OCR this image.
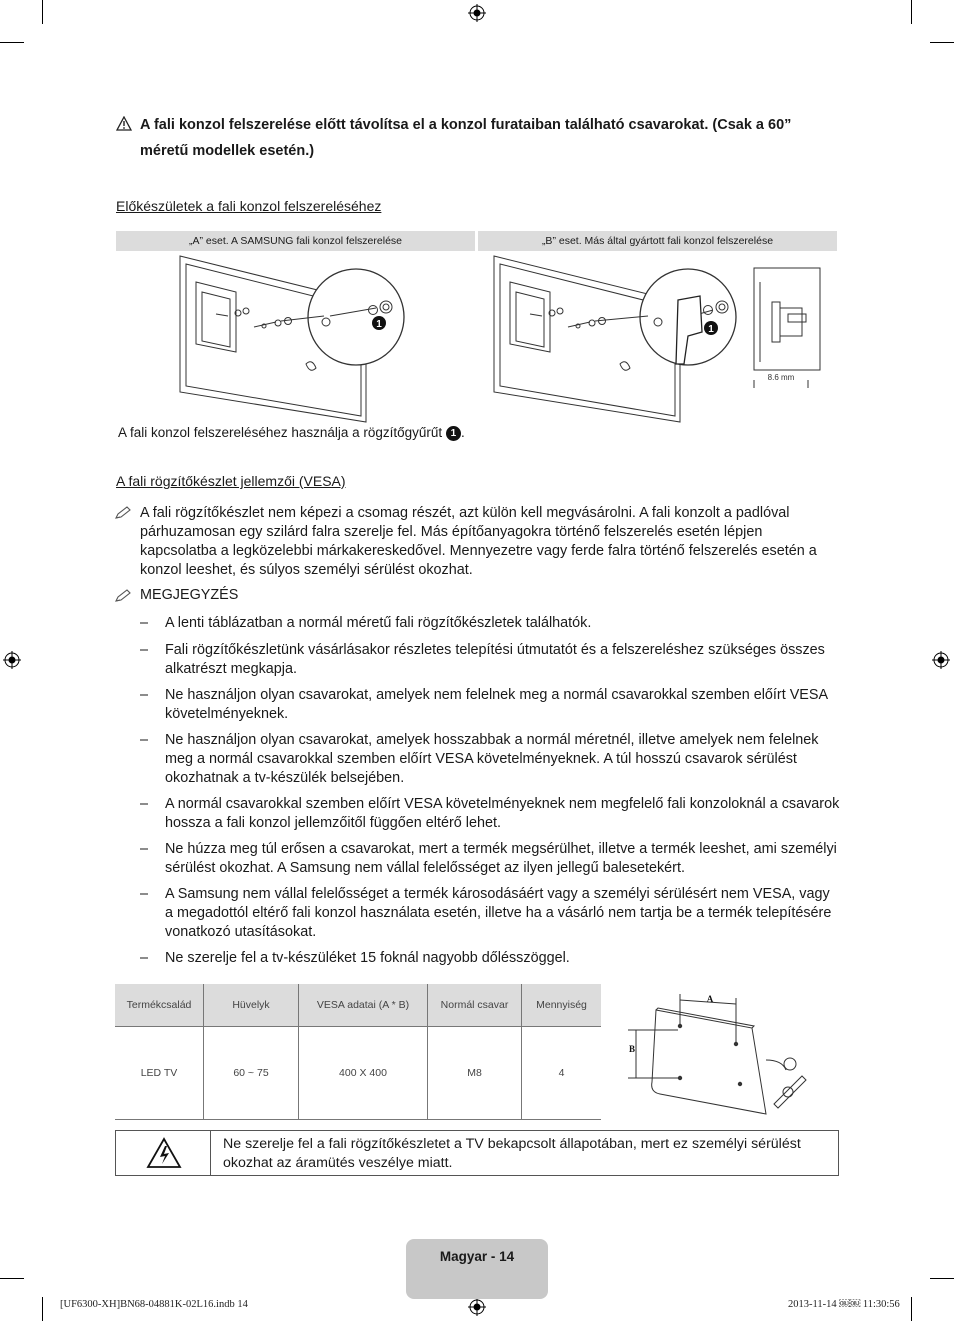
A fali konzol felszerelése előtt távolítsa el a konzol furataiban található csavarokat. (Csak a 60”

méretű modellek esetén.)

Előkészületek a fali konzol felszereléséhez
„A” eset. A SAMSUNG fali konzol felszerelése	„B” eset. Más által gyártott fali konzol felszerelése
1	1
8.6 mm
A fali konzol felszereléséhez használja a rögzítőgyűrűt 1 .
A fali rögzítőkészlet jellemzői (VESA)
A fali rögzítőkészlet nem képezi a csomag részét, azt külön kell megvásárolni. A fali konzolt a padlóval párhuzamosan egy szilárd falra szerelje fel. Más építőanyagokra történő felszerelés esetén lépjen kapcsolatba a legközelebbi márkakereskedővel. Mennyezetre vagy ferde falra történő felszerelés esetén a konzol leeshet, és súlyos személyi sérülést okozhat.
MEGJEGYZÉS
– A lenti táblázatban a normál méretű fali rögzítőkészletek találhatók.
– Fali rögzítőkészletünk vásárlásakor részletes telepítési útmutatót és a felszereléshez szükséges összes alkatrészt megkapja.
– Ne használjon olyan csavarokat, amelyek nem felelnek meg a normál csavarokkal szemben előírt VESA követelményeknek.
– Ne használjon olyan csavarokat, amelyek hosszabbak a normál méretnél, illetve amelyek nem felelnek meg a normál csavarokkal szemben előírt VESA követelményeknek. A túl hosszú csavarok sérülést okozhatnak a tv-készülék belsejében.
– A normál csavarokkal szemben előírt VESA követelményeknek nem megfelelő fali konzoloknál a csavarok hossza a fali konzol jellemzőitől függően eltérő lehet.
– Ne húzza meg túl erősen a csavarokat, mert a termék megsérülhet, illetve a termék leeshet, ami személyi sérülést okozhat. A Samsung nem vállal felelősséget az ilyen jellegű balesetekért.
– A Samsung nem vállal felelősséget a termék károsodásáért vagy a személyi sérülésért nem VESA, vagy a megadottól eltérő fali konzol használata esetén, illetve ha a vásárló nem tartja be a termék telepítésére vonatkozó utasításokat.
– Ne szerelje fel a tv-készüléket 15 foknál nagyobb dőlésszöggel.
Termékcsalád	Hüvelyk	VESA adatai (A * B)	Normál csavar	Mennyiség
LED TV	60 ~ 75	400 X 400	M8	4
A
B
Ne szerelje fel a fali rögzítőkészletet a TV bekapcsolt állapotában, mert ez személyi sérülést okozhat az áramütés veszélye miatt.
Magyar - 14
[UF6300-XH]BN68-04881K-02L16.indb 14	2013-11-14 ￼￼ 11:30:56
